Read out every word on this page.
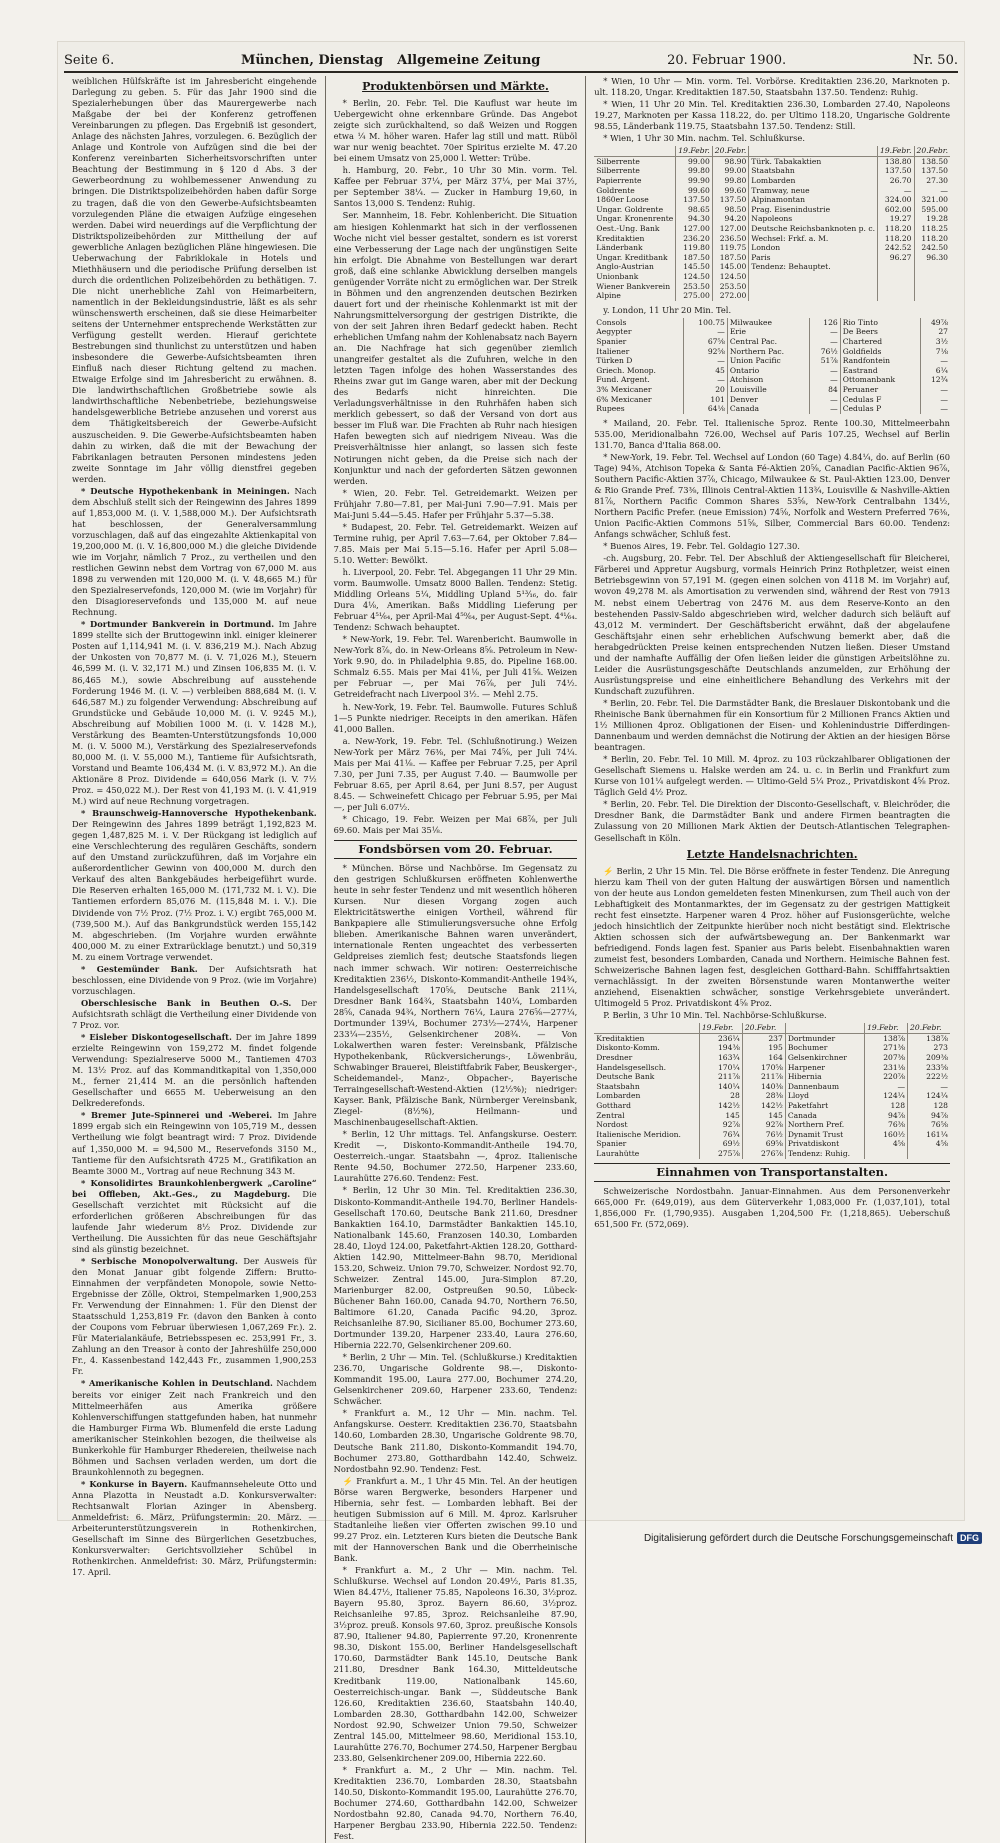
Seite 6.	München, Dienstag Allgemeine Zeitung	20. Februar 1900.	Nr. 50.

weiblichen Hülfskräfte ist im Jahresbericht eingehende Darlegung zu geben. 5. Für das Jahr 1900 sind die Spezialerhebungen über das Maurergewerbe nach Maßgabe der bei der Konferenz getroffenen Vereinbarungen zu pflegen. Das Ergebniß ist gesondert, Anlage des nächsten Jahres, vorzulegen. 6. Bezüglich der Anlage und Kontrole von Aufzügen sind die bei der Konferenz vereinbarten Sicherheitsvorschriften unter Beachtung der Bestimmung in § 120 d Abs. 3 der Gewerbeordnung zu wohlbemessener Anwendung zu bringen. Die Distriktspolizeibehörden haben dafür Sorge zu tragen, daß die von den Gewerbe-Aufsichtsbeamten vorzulegenden Pläne die etwaigen Aufzüge eingesehen werden. Dabei wird neuerdings auf die Verpflichtung der Distriktspolizeibehörden zur Mittheilung der auf gewerbliche Anlagen bezüglichen Pläne hingewiesen. Die Ueberwachung der Fabriklokale in Hotels und Miethhäusern und die periodische Prüfung derselben ist durch die ordentlichen Polizeibehörden zu bethätigen. 7. Die nicht unerhebliche Zahl von Heimarbeitern, namentlich in der Bekleidungsindustrie, läßt es als sehr wünschenswerth erscheinen, daß sie diese Heimarbeiter seitens der Unternehmer entsprechende Werkstätten zur Verfügung gestellt werden. Hierauf gerichtete Bestrebungen sind thunlichst zu unterstützen und haben insbesondere die Gewerbe-Aufsichtsbeamten ihren Einfluß nach dieser Richtung geltend zu machen. Etwaige Erfolge sind im Jahresbericht zu erwähnen. 8. Die landwirthschaftlichen Großbetriebe sowie als landwirthschaftliche Nebenbetriebe, beziehungsweise handelsgewerbliche Betriebe anzusehen und vorerst aus dem Thätigkeitsbereich der Gewerbe-Aufsicht auszuscheiden. 9. Die Gewerbe-Aufsichtsbeamten haben dahin zu wirken, daß die mit der Bewachung der Fabrikanlagen betrauten Personen mindestens jeden zweite Sonntage im Jahr völlig dienstfrei gegeben werden.

* Deutsche Hypothekenbank in Meiningen. Nach dem Abschluß stellt sich der Reingewinn des Jahres 1899 auf 1,853,000 M. (i. V. 1,588,000 M.). Der Aufsichtsrath hat beschlossen, der Generalversammlung vorzuschlagen, daß auf das eingezahlte Aktienkapital von 19,200,000 M. (i. V. 16,800,000 M.) die gleiche Dividende wie im Vorjahr, nämlich 7 Proz., zu vertheilen und den restlichen Gewinn nebst dem Vortrag von 67,000 M. aus 1898 zu verwenden mit 120,000 M. (i. V. 48,665 M.) für den Spezialreservefonds, 120,000 M. (wie im Vorjahr) für den Disagioreservefonds und 135,000 M. auf neue Rechnung.

* Dortmunder Bankverein in Dortmund. Im Jahre 1899 stellte sich der Bruttogewinn inkl. einiger kleinerer Posten auf 1,114,941 M. (i. V. 836,219 M.). Nach Abzug der Unkosten von 70,877 M. (i. V. 71,026 M.), Steuern 46,599 M. (i. V. 32,171 M.) und Zinsen 106,835 M. (i. V. 86,465 M.), sowie Abschreibung auf ausstehende Forderung 1946 M. (i. V. —) verbleiben 888,684 M. (i. V. 646,587 M.) zu folgender Verwendung: Abschreibung auf Grundstücke und Gebäude 10,000 M. (i. V. 9245 M.), Abschreibung auf Mobilien 1000 M. (i. V. 1428 M.), Verstärkung des Beamten-Unterstützungsfonds 10,000 M. (i. V. 5000 M.), Verstärkung des Spezialreservefonds 80,000 M. (i. V. 55,000 M.), Tantieme für Aufsichtsrath, Vorstand und Beamte 106,434 M. (i. V. 83,972 M.). An die Aktionäre 8 Proz. Dividende = 640,056 Mark (i. V. 7½ Proz. = 450,022 M.). Der Rest von 41,193 M. (i. V. 41,919 M.) wird auf neue Rechnung vorgetragen.

* Braunschweig-Hannoversche Hypothekenbank. Der Reingewinn des Jahres 1899 beträgt 1,192,823 M. gegen 1,487,825 M. i. V. Der Rückgang ist lediglich auf eine Verschlechterung des regulären Geschäfts, sondern auf den Umstand zurückzuführen, daß im Vorjahre ein außerordentlicher Gewinn von 400,000 M. durch den Verkauf des alten Bankgebäudes herbeigeführt wurde. Die Reserven erhalten 165,000 M. (171,732 M. i. V.). Die Tantiemen erfordern 85,076 M. (115,848 M. i. V.). Die Dividende von 7½ Proz. (7½ Proz. i. V.) ergibt 765,000 M. (739,500 M.). Auf das Bankgrundstück werden 155,142 M. abgeschrieben. (Im Vorjahre wurden erwähnte 400,000 M. zu einer Extrarücklage benutzt.) und 50,319 M. zu einem Vortrage verwendet.

* Gestemünder Bank. Der Aufsichtsrath hat beschlossen, eine Dividende von 9 Proz. (wie im Vorjahre) vorzuschlagen.

Oberschlesische Bank in Beuthen O.-S. Der Aufsichtsrath schlägt die Vertheilung einer Dividende von 7 Proz. vor.

* Eisleber Diskontogesellschaft. Der im Jahre 1899 erzielte Reingewinn von 159,272 M. findet folgende Verwendung: Spezialreserve 5000 M., Tantiemen 4703 M. 13½ Proz. auf das Kommanditkapital von 1,350,000 M., ferner 21,414 M. an die persönlich haftenden Gesellschafter und 6655 M. Ueberweisung an den Delkrederefonds.

* Bremer Jute-Spinnerei und -Weberei. Im Jahre 1899 ergab sich ein Reingewinn von 105,719 M., dessen Vertheilung wie folgt beantragt wird: 7 Proz. Dividende auf 1,350,000 M. = 94,500 M., Reservefonds 3150 M., Tantieme für den Aufsichtsrath 4725 M., Gratifikation an Beamte 3000 M., Vortrag auf neue Rechnung 343 M.

* Konsolidirtes Braunkohlenbergwerk „Caroline“ bei Offleben, Akt.-Ges., zu Magdeburg. Die Gesellschaft verzichtet mit Rücksicht auf die erforderlichen größeren Abschreibungen für das laufende Jahr wiederum 8½ Proz. Dividende zur Vertheilung. Die Aussichten für das neue Geschäftsjahr sind als günstig bezeichnet.

* Serbische Monopolverwaltung. Der Ausweis für den Monat Januar gibt folgende Ziffern: Brutto-Einnahmen der verpfändeten Monopole, sowie Netto-Ergebnisse der Zölle, Oktroi, Stempelmarken 1,900,253 Fr. Verwendung der Einnahmen: 1. Für den Dienst der Staatsschuld 1,253,819 Fr. (davon den Banken à conto der Coupons vom Februar überwiesen 1,067,269 Fr.). 2. Für Materialankäufe, Betriebsspesen ec. 253,991 Fr., 3. Zahlung an den Treasor à conto der Jahreshülfe 250,000 Fr., 4. Kassenbestand 142,443 Fr., zusammen 1,900,253 Fr.

* Amerikanische Kohlen in Deutschland. Nachdem bereits vor einiger Zeit nach Frankreich und den Mittelmeerhäfen aus Amerika größere Kohlenverschiffungen stattgefunden haben, hat nunmehr die Hamburger Firma Wb. Blumenfeld die erste Ladung amerikanischer Steinkohlen bezogen, die theilweise als Bunkerkohle für Hamburger Rhedereien, theilweise nach Böhmen und Sachsen verladen werden, um dort die Braunkohlennoth zu begegnen.

* Konkurse in Bayern. Kaufmannseheleute Otto und Anna Plazotta in Neustadt a.D. Konkursverwalter: Rechtsanwalt Florian Azinger in Abensberg. Anmeldefrist: 6. März, Prüfungstermin: 20. März. — Arbeiterunterstützungsverein in Rothenkirchen, Gesellschaft im Sinne des Bürgerlichen Gesetzbuches, Konkursverwalter: Gerichtsvollzieher Schübel in Rothenkirchen. Anmeldefrist: 30. März, Prüfungstermin: 17. April.

Produktenbörsen und Märkte.

* Berlin, 20. Febr. Tel. Die Kauflust war heute im Uebergewicht ohne erkennbare Gründe. Das Angebot zeigte sich zurückhaltend, so daß Weizen und Roggen etwa ¼ M. höher waren. Hafer lag still und matt. Rüböl war nur wenig beachtet. 70er Spiritus erzielte M. 47.20 bei einem Umsatz von 25,000 l. Wetter: Trübe.

h. Hamburg, 20. Febr., 10 Uhr 30 Min. vorm. Tel. Kaffee per Februar 37¼, per März 37¼, per Mai 37½, per September 38¼. — Zucker in Hamburg 19,60, in Santos 13,000 S. Tendenz: Ruhig.

Ser. Mannheim, 18. Febr. Kohlenbericht. Die Situation am hiesigen Kohlenmarkt hat sich in der verflossenen Woche nicht viel besser gestaltet, sondern es ist vorerst eine Verbesserung der Lage nach der ungünstigen Seite hin erfolgt. Die Abnahme von Bestellungen war derart groß, daß eine schlanke Abwicklung derselben mangels genügender Vorräte nicht zu ermöglichen war. Der Streik in Böhmen und den angrenzenden deutschen Bezirken dauert fort und der rheinische Kohlenmarkt ist mit der Nahrungsmittelversorgung der gestrigen Distrikte, die von der seit Jahren ihren Bedarf gedeckt haben. Recht erheblichen Umfang nahm der Kohlenabsatz nach Bayern an. Die Nachfrage hat sich gegenüber ziemlich unangreifer gestaltet als die Zufuhren, welche in den letzten Tagen infolge des hohen Wasserstandes des Rheins zwar gut im Gange waren, aber mit der Deckung des Bedarfs nicht hinreichten. Die Verladungsverhältnisse in den Ruhrhäfen haben sich merklich gebessert, so daß der Versand von dort aus besser im Fluß war. Die Frachten ab Ruhr nach hiesigen Hafen bewegten sich auf niedrigem Niveau. Was die Preisverhältnisse hier anlangt, so lassen sich feste Notirungen nicht geben, da die Preise sich nach der Konjunktur und nach der geforderten Sätzen gewonnen werden.

* Wien, 20. Febr. Tel. Getreidemarkt. Weizen per Frühjahr 7.80—7.81, per Mai-Juni 7.90—7.91. Mais per Mai-Juni 5.44—5.45. Hafer per Frühjahr 5.37—5.38.

* Budapest, 20. Febr. Tel. Getreidemarkt. Weizen auf Termine ruhig, per April 7.63—7.64, per Oktober 7.84—7.85. Mais per Mai 5.15—5.16. Hafer per April 5.08—5.10. Wetter: Bewölkt.

h. Liverpool, 20. Febr. Tel. Abgegangen 11 Uhr 29 Min. vorm. Baumwolle. Umsatz 8000 Ballen. Tendenz: Stetig. Middling Orleans 5¼, Middling Upland 5¹³⁄₁₆, do. fair Dura 4⅛, Amerikan. Baßs Middling Lieferung per Februar 4⁵¹⁄₆₄, per April-Mai 4⁵⁰⁄₆₄, per August-Sept. 4⁴¹⁄₆₄. Tendenz: Schwach behauptet.

* New-York, 19. Febr. Tel. Warenbericht. Baumwolle in New-York 8⅞, do. in New-Orleans 8⅝. Petroleum in New-York 9.90, do. in Philadelphia 9.85, do. Pipeline 168.00. Schmalz 6.55. Mais per Mai 41⅛, per Juli 41⅝. Weizen per Februar —, per Mai 76⅞, per Juli 74½. Getreidefracht nach Liverpool 3½. — Mehl 2.75.

h. New-York, 19. Febr. Tel. Baumwolle. Futures Schluß 1—5 Punkte niedriger. Receipts in den amerikan. Häfen 41,000 Ballen.

a. New-York, 19. Febr. Tel. (Schlußnotirung.) Weizen New-York per März 76⅜, per Mai 74⅝, per Juli 74¼. Mais per Mai 41⅛. — Kaffee per Februar 7.25, per April 7.30, per Juni 7.35, per August 7.40. — Baumwolle per Februar 8.65, per April 8.64, per Juni 8.57, per August 8.45. — Schweinefett Chicago per Februar 5.95, per Mai —, per Juli 6.07½.

* Chicago, 19. Febr. Weizen per Mai 68⅞, per Juli 69.60. Mais per Mai 35⅛.

Fondsbörsen vom 20. Februar.

* München. Börse und Nachbörse. Im Gegensatz zu den gestrigen Schlußkursen eröffneten Kohlenwerthe heute in sehr fester Tendenz und mit wesentlich höheren Kursen. Nur diesen Vorgang zogen auch Elektricitätswerthe einigen Vortheil, während für Bankpapiere alle Stimulierungsversuche ohne Erfolg blieben. Amerikanische Bahnen waren unverändert, internationale Renten ungeachtet des verbesserten Geldpreises ziemlich fest; deutsche Staatsfonds liegen nach immer schwach. Wir notiren: Oesterreichische Kreditaktien 236½, Diskonto-Kommandit-Antheile 194¾, Handelsgesellschaft 170⅝, Deutsche Bank 211¼, Dresdner Bank 164¾, Staatsbahn 140¼, Lombarden 28⅝, Canada 94¾, Northern 76¼, Laura 276⅝—277¼, Dortmunder 139¼, Bochumer 273½—274¼, Harpener 233¼—235½, Gelsenkirchener 208¾. — Von Lokalwerthen waren fester: Vereinsbank, Pfälzische Hypothekenbank, Rückversicherungs-, Löwenbräu, Schwabinger Brauerei, Bleistiftfabrik Faber, Beuskerger-, Scheidemandel-, Manz-, Obpacher-, Bayerische Terraingesellschaft-Westend-Aktien (12½%); niedriger: Kayser. Bank, Pfälzische Bank, Nürnberger Vereinsbank, Ziegel- (8½%), Heilmann- und Maschinenbaugesellschaft-Aktien.

* Berlin, 12 Uhr mittags. Tel. Anfangskurse. Oesterr. Kredit —, Diskonto-Kommandit-Antheile 194.70, Oesterreich.-ungar. Staatsbahn —, 4proz. Italienische Rente 94.50, Bochumer 272.50, Harpener 233.60, Laurahütte 276.60. Tendenz: Fest.

* Berlin, 12 Uhr 30 Min. Tel. Kreditaktien 236.30, Diskonto-Kommandit-Antheile 194.70, Berliner Handels-Gesellschaft 170.60, Deutsche Bank 211.60, Dresdner Bankaktien 164.10, Darmstädter Bankaktien 145.10, Nationalbank 145.60, Franzosen 140.30, Lombarden 28.40, Lloyd 124.00, Paketfahrt-Aktien 128.20, Gotthard-Aktien 142.90, Mittelmeer-Bahn 98.70, Meridional 153.20, Schweiz. Union 79.70, Schweizer. Nordost 92.70, Schweizer. Zentral 145.00, Jura-Simplon 87.20, Marienburger 82.00, Ostpreußen 90.50, Lübeck-Büchener Bahn 160.00, Canada 94.70, Northern 76.50, Baltimore 61.20, Canada Pacific 94.20, 3proz. Reichsanleihe 87.90, Sicilianer 85.00, Bochumer 273.60, Dortmunder 139.20, Harpener 233.40, Laura 276.60, Hibernia 222.70, Gelsenkirchener 209.60.

* Berlin, 2 Uhr — Min. Tel. (Schlußkurse.) Kreditaktien 236.70, Ungarische Goldrente 98.—, Diskonto-Kommandit 195.00, Laura 277.00, Bochumer 274.20, Gelsenkirchener 209.60, Harpener 233.60, Tendenz: Schwächer.

* Frankfurt a. M., 12 Uhr — Min. nachm. Tel. Anfangskurse. Oesterr. Kreditaktien 236.70, Staatsbahn 140.60, Lombarden 28.30, Ungarische Goldrente 98.70, Deutsche Bank 211.80, Diskonto-Kommandit 194.70, Bochumer 273.80, Gotthardbahn 142.40, Schweiz. Nordostbahn 92.90. Tendenz: Fest.

⚡ Frankfurt a. M., 1 Uhr 45 Min. Tel. An der heutigen Börse waren Bergwerke, besonders Harpener und Hibernia, sehr fest. — Lombarden lebhaft. Bei der heutigen Submission auf 6 Mill. M. 4proz. Karlsruher Stadtanleihe ließen vier Offerten zwischen 99.10 und 99.27 Proz. ein. Letzteren Kurs bieten die Deutsche Bank mit der Hannoverschen Bank und die Oberrheinische Bank.

* Frankfurt a. M., 2 Uhr — Min. nachm. Tel. Schlußkurse. Wechsel auf London 20.49½, Paris 81.35, Wien 84.47½, Italiener 75.85, Napoleons 16.30, 3½proz. Bayern 95.80, 3proz. Bayern 86.60, 3½proz. Reichsanleihe 97.85, 3proz. Reichsanleihe 87.90, 3½proz. preuß. Konsols 97.60, 3proz. preußische Konsols 87.90, Italiener 94.80, Papierrente 97.20, Kronenrente 98.30, Diskont 155.00, Berliner Handelsgesellschaft 170.60, Darmstädter Bank 145.10, Deutsche Bank 211.80, Dresdner Bank 164.30, Mitteldeutsche Kreditbank 119.00, Nationalbank 145.60, Oesterreichisch-ungar. Bank —, Süddeutsche Bank 126.60, Kreditaktien 236.60, Staatsbahn 140.40, Lombarden 28.30, Gotthardbahn 142.00, Schweizer Nordost 92.90, Schweizer Union 79.50, Schweizer Zentral 145.00, Mittelmeer 98.60, Meridional 153.10, Laurahütte 276.70, Bochumer 274.50, Harpener Bergbau 233.80, Gelsenkirchener 209.00, Hibernia 222.60.

* Frankfurt a. M., 2 Uhr — Min. nachm. Tel. Kreditaktien 236.70, Lombarden 28.30, Staatsbahn 140.50, Diskonto-Kommandit 195.00, Laurahütte 276.70, Bochumer 274.60, Gotthardbahn 142.00, Schweizer Nordostbahn 92.80, Canada 94.70, Northern 76.40, Harpener Bergbau 233.90, Hibernia 222.50. Tendenz: Fest.

* Wien, 10 Uhr — Min. vorm. Tel. Vorbörse. Kreditaktien 236.20, Marknoten p. ult. 118.20, Ungar. Kreditaktien 187.50, Staatsbahn 137.50. Tendenz: Ruhig.

* Wien, 11 Uhr 20 Min. Tel. Kreditaktien 236.30, Lombarden 27.40, Napoleons 19.27, Marknoten per Kassa 118.22, do. per Ultimo 118.20, Ungarische Goldrente 98.55, Länderbank 119.75, Staatsbahn 137.50. Tendenz: Still.

* Wien, 1 Uhr 30 Min. nachm. Tel. Schlußkurse.

	19.Febr.	20.Febr.		19.Febr.	20.Febr.
Silberrente	99.00	98.90	Türk. Tabakaktien	138.80	138.50
Silberrente	99.80	99.00	Staatsbahn	137.50	137.50
Papierrente	99.90	99.80	Lombarden	26.70	27.30
Goldrente	99.60	99.60	Tramway, neue	—	—
1860er Loose	137.50	137.50	Alpinamontan	324.00	321.00
Ungar. Goldrente	98.65	98.50	Prag. Eisenindustrie	602.00	595.00
Ungar. Kronenrente	94.30	94.20	Napoleons	19.27	19.28
Oest.-Ung. Bank	127.00	127.00	Deutsche Reichsbanknoten p. c.	118.20	118.25
Kreditaktien	236.20	236.50	Wechsel: Frkf. a. M.	118.20	118.20
Länderbank	119.80	119.75	London	242.52	242.50
Ungar. Kreditbank	187.50	187.50	Paris	96.27	96.30
Anglo-Austrian	145.50	145.00	Tendenz: Behauptet.		
Unionbank	124.50	124.50			
Wiener Bankverein	253.50	253.50			
Alpine	275.00	272.00			

y. London, 11 Uhr 20 Min. Tel.

Consols	100.75	Milwaukee	126	Rio Tinto	49⅞
Aegypter	—	Erie	—	De Beers	27
Spanier	67⅝	Central Pac.	—	Chartered	3½
Italiener	92⅝	Northern Pac.	76½	Goldfields	7⅛
Türken D	—	Union Pacific	51⅞	Randfontein	—
Griech. Monop.	45	Ontario	—	Eastrand	6¼
Fund. Argent.	—	Atchison	—	Ottomanbank	12¾
3% Mexicaner	20	Louisville	84	Peruaner	—
6% Mexicaner	101	Denver	—	Cedulas F	—
Rupees	64⅛	Canada	—	Cedulas P	—

* Mailand, 20. Febr. Tel. Italienische 5proz. Rente 100.30, Mittelmeerbahn 535.00, Meridionalbahn 726.00, Wechsel auf Paris 107.25, Wechsel auf Berlin 131.70, Banca d'Italia 868.00.

* New-York, 19. Febr. Tel. Wechsel auf London (60 Tage) 4.84¼, do. auf Berlin (60 Tage) 94⅜, Atchison Topeka & Santa Fé-Aktien 20⅝, Canadian Pacific-Aktien 96⅞, Southern Pacific-Aktien 37⅞, Chicago, Milwaukee & St. Paul-Aktien 123.00, Denver & Rio Grande Pref. 73⅜, Illinois Central-Aktien 113¾, Louisville & Nashville-Aktien 81⅞, Northern Pacific Common Shares 53⅝, New-York Centralbahn 134½, Northern Pacific Prefer. (neue Emission) 74⅝, Norfolk and Western Preferred 76⅜, Union Pacific-Aktien Commons 51⅝, Silber, Commercial Bars 60.00. Tendenz: Anfangs schwächer, Schluß fest.

* Buenos Aires, 19. Febr. Tel. Goldagio 127.30.

-ch. Augsburg, 20. Febr. Tel. Der Abschluß der Aktiengesellschaft für Bleicherei, Färberei und Appretur Augsburg, vormals Heinrich Prinz Rothpletzer, weist einen Betriebsgewinn von 57,191 M. (gegen einen solchen von 4118 M. im Vorjahr) auf, wovon 49,278 M. als Amortisation zu verwenden sind, während der Rest von 7913 M. nebst einem Uebertrag von 2476 M. aus dem Reserve-Konto an den bestehenden Passiv-Saldo abgeschrieben wird, welcher dadurch sich beläuft auf 43,012 M. vermindert. Der Geschäftsbericht erwähnt, daß der abgelaufene Geschäftsjahr einen sehr erheblichen Aufschwung bemerkt aber, daß die herabgedrückten Preise keinen entsprechenden Nutzen ließen. Dieser Umstand und der namhafte Auffällig der Ofen ließen leider die günstigen Arbeitslöhne zu. Leider die Ausrüstungsgeschäfte Deutschlands anzumelden, zur Erhöhung der Ausrüstungspreise und eine einheitlichere Behandlung des Verkehrs mit der Kundschaft zuzuführen.

* Berlin, 20. Febr. Tel. Die Darmstädter Bank, die Breslauer Diskontobank und die Rheinische Bank übernahmen für ein Konsortium für 2 Millionen Francs Aktien und 1½ Millionen 4proz. Obligationen der Eisen- und Kohlenindustrie Differdingen-Dannenbaum und werden demnächst die Notirung der Aktien an der hiesigen Börse beantragen.

* Berlin, 20. Febr. Tel. 10 Mill. M. 4proz. zu 103 rückzahlbarer Obligationen der Gesellschaft Siemens u. Halske werden am 24. u. c. in Berlin und Frankfurt zum Kurse von 101¼ aufgelegt werden. — Ultimo-Geld 5¼ Proz., Privatdiskont 4⅝ Proz. Täglich Geld 4½ Proz.

* Berlin, 20. Febr. Tel. Die Direktion der Disconto-Gesellschaft, v. Bleichröder, die Dresdner Bank, die Darmstädter Bank und andere Firmen beantragten die Zulassung von 20 Millionen Mark Aktien der Deutsch-Atlantischen Telegraphen-Gesellschaft in Köln.

Letzte Handelsnachrichten.

⚡ Berlin, 2 Uhr 15 Min. Tel. Die Börse eröffnete in fester Tendenz. Die Anregung hierzu kam Theil von der guten Haltung der auswärtigen Börsen und namentlich von der heute aus London gemeldeten festen Minenkursen, zum Theil auch von der Lebhaftigkeit des Montanmarktes, der im Gegensatz zu der gestrigen Mattigkeit recht fest einsetzte. Harpener waren 4 Proz. höher auf Fusionsgerüchte, welche jedoch hinsichtlich der Zeitpunkte hierüber noch nicht bestätigt sind. Elektrische Aktien schossen sich der aufwärtsbewegung an. Der Bankenmarkt war befriedigend. Fonds lagen fest. Spanier aus Paris belebt. Eisenbahnaktien waren zumeist fest, besonders Lombarden, Canada und Northern. Heimische Bahnen fest. Schweizerische Bahnen lagen fest, desgleichen Gotthard-Bahn. Schifffahrtsaktien vernachlässigt. In der zweiten Börsenstunde waren Montanwerthe weiter anziehend, Eisenaktien schwächer, sonstige Verkehrsgebiete unverändert. Ultimogeld 5 Proz. Privatdiskont 4⅝ Proz.

P. Berlin, 3 Uhr 10 Min. Tel. Nachbörse-Schlußkurse.

	19.Febr.	20.Febr.		19.Febr.	20.Febr.
Kreditaktien	236¼	237	Dortmunder	138⅞	138⅞
Diskonto-Komm.	194⅜	195	Bochumer	271⅜	273
Dresdner	163¾	164	Gelsenkirchner	207⅜	209⅜
Handelsgesellsch.	170¼	170⅝	Harpener	231⅛	233⅝
Deutsche Bank	211⅞	211⅞	Hibernia	220⅞	222½
Staatsbahn	140¼	140⅜	Dannenbaum	—	—
Lombarden	28	28⅜	Lloyd	124¼	124¼
Gotthard	142½	142½	Paketfahrt	128	128
Zentral	145	145	Canada	94⅞	94⅞
Nordost	92⅞	92⅞	Northern Pref.	76⅜	76⅝
Italienische Meridion.	76¾	76½	Dynamit Trust	160½	161¼
Spanier	69½	69⅝	Privatdiskont	4⅝	4⅝
Laurahütte	275⅞	276⅞	Tendenz: Ruhig.		
Einnahmen von Transportanstalten.

Schweizerische Nordostbahn. Januar-Einnahmen. Aus dem Personenverkehr 665,000 Fr. (649,019), aus dem Güterverkehr 1,083,000 Fr. (1,037,101), total 1,856,000 Fr. (1,790,935). Ausgaben 1,204,500 Fr. (1,218,865). Ueberschuß 651,500 Fr. (572,069).

Digitalisierung gefördert durch die Deutsche Forschungsgemeinschaft DFG
